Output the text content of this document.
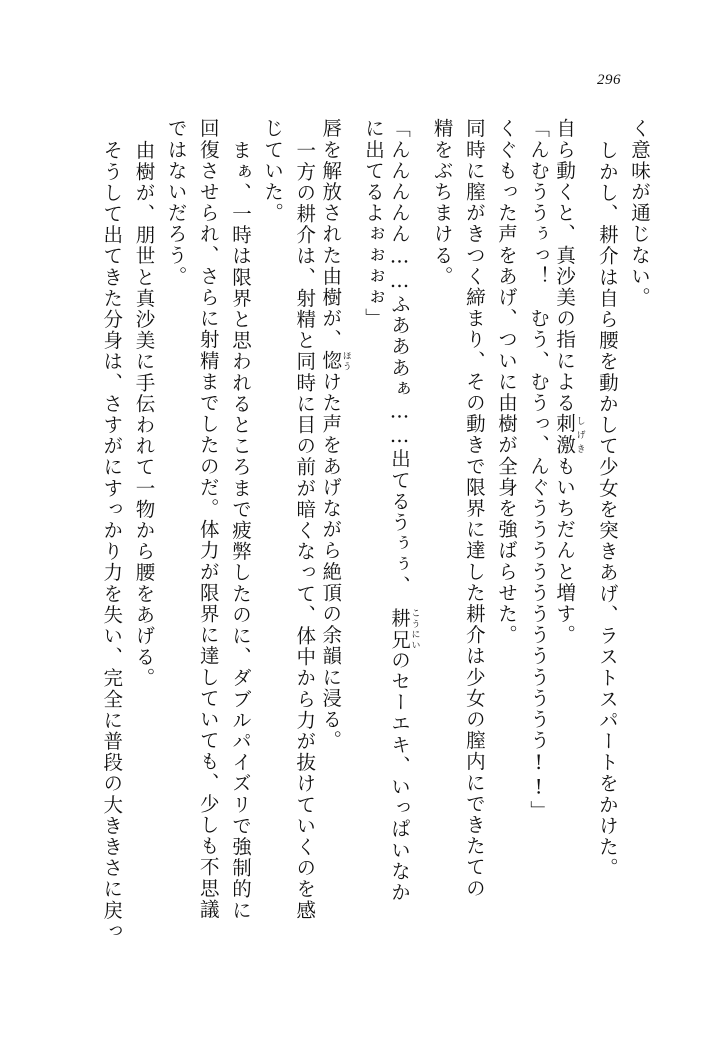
296
く意味が通じない。
しかし、耕介は自ら腰を動かして少女を突きあげ、ラストスパートをかけた。
自ら動くと、真沙美の指による刺激しげきもいちだんと増す。
「んむううぅっ！　むう、むうっ、んぐうううううううううううう!!」
くぐもった声をあげ、ついに由樹が全身を強ばらせた。
同時に膣がきつく締まり、その動きで限界に達した耕介は少女の膣内にできたての
精をぶちまける。
「んんんんん……ふあああぁ……出てるうぅぅ、　耕兄こうにいのセーエキ、いっぱいなか
に出てるよぉぉぉぉ」
唇を解放された由樹が、惚ほうけた声をあげながら絶頂の余韻に浸る。
一方の耕介は、射精と同時に目の前が暗くなって、体中から力が抜けていくのを感
じていた。
まぁ、一時は限界と思われるところまで疲弊したのに、ダブルパイズリで強制的に
回復させられ、さらに射精までしたのだ。体力が限界に達していても、少しも不思議
ではないだろう。
由樹が、朋世と真沙美に手伝われて一物から腰をあげる。
そうして出てきた分身は、さすがにすっかり力を失い、完全に普段の大ききさに戻っ
